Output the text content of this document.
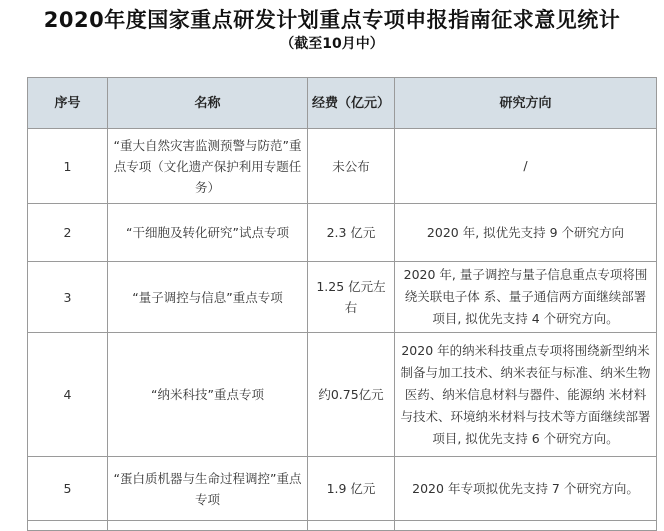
2020年度国家重点研发计划重点专项申报指南征求意见统计
（截至10月中）
序号	名称	经费（亿元）	研究方向
1	“重大自然灾害监测预警与防范”重点专项（文化遗产保护利用专题任务）	未公布	/
2	“干细胞及转化研究”试点专项	2.3 亿元	2020 年, 拟优先支持 9 个研究方向
3	“量子调控与信息”重点专项	1.25 亿元左右	2020 年, 量子调控与量子信息重点专项将围绕关联电子体 系、量子通信两方面继续部署项目, 拟优先支持 4 个研究方向。
4	“纳米科技”重点专项	约0.75亿元	2020 年的纳米科技重点专项将围绕新型纳米制备与加工技术、纳米表征与标准、纳米生物医药、纳米信息材料与器件、能源纳 米材料与技术、环境纳米材料与技术等方面继续部署项目, 拟优先支持 6 个研究方向。
5	“蛋白质机器与生命过程调控”重点专项	1.9 亿元	2020 年专项拟优先支持 7 个研究方向。
